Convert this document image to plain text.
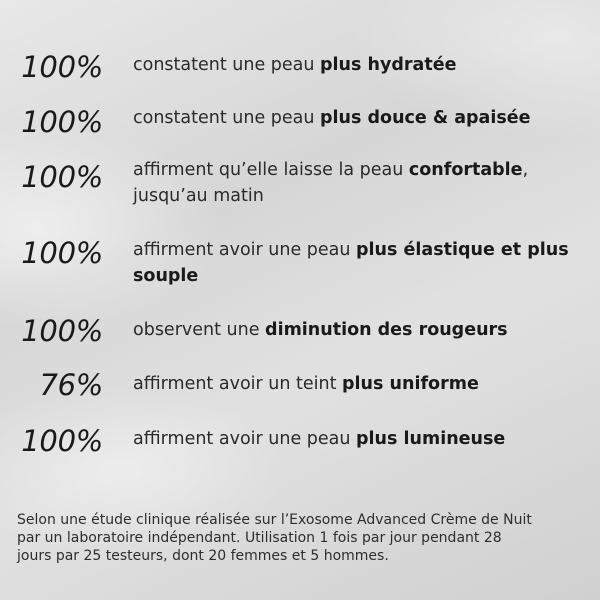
100% constatent une peau plus hydratée
100% constatent une peau plus douce & apaisée
100% affirment qu’elle laisse la peau confortable, jusqu’au matin
100% affirment avoir une peau plus élastique et plus souple
100% observent une diminution des rougeurs
76% affirment avoir un teint plus uniforme
100% affirment avoir une peau plus lumineuse

Selon une étude clinique réalisée sur l’Exosome Advanced Crème de Nuit par un laboratoire indépendant. Utilisation 1 fois par jour pendant 28 jours par 25 testeurs, dont 20 femmes et 5 hommes.
